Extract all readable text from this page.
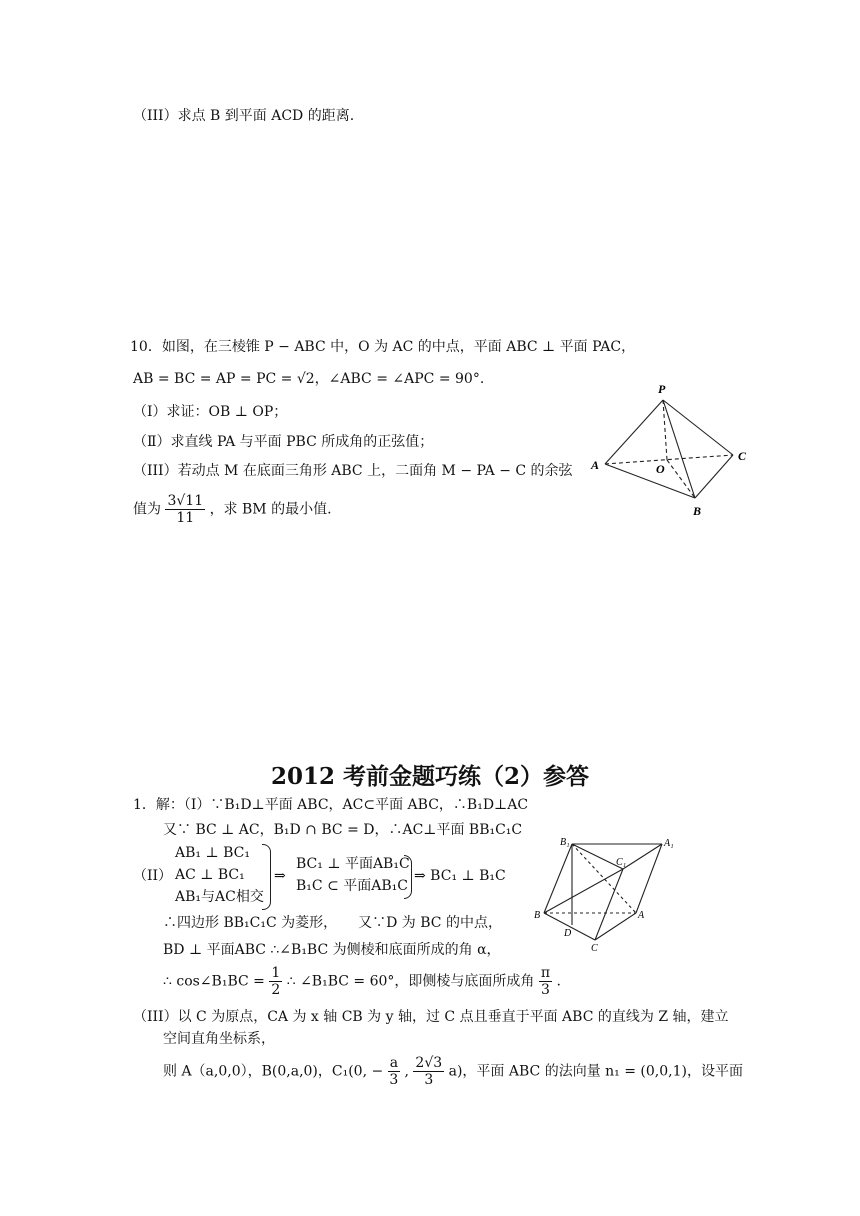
（III）求点 B 到平面 ACD 的距离.
10．如图，在三棱锥 P − ABC 中，O 为 AC 的中点，平面 ABC ⊥ 平面 PAC，
AB = BC = AP = PC = √2，∠ABC = ∠APC = 90°.
（Ⅰ）求证：OB ⊥ OP；
（Ⅱ）求直线 PA 与平面 PBC 所成角的正弦值；
（III）若动点 M 在底面三角形 ABC 上，二面角 M − PA − C 的余弦
值为 $\frac{3√11}{11}$ ，求 BM 的最小值.
P
A	O
C
B
2012 考前金题巧练（2）参答
1．解：（I）∵B₁D⊥平面 ABC，AC⊂平面 ABC，∴B₁D⊥AC
又∵ BC ⊥ AC，B₁D ∩ BC = D，∴AC⊥平面 BB₁C₁C
（II）
AB₁ ⊥ BC₁
AC ⊥ BC₁
AB₁与AC相交
⇒
BC₁ ⊥ 平面AB₁C
B₁C ⊂ 平面AB₁C
⇒ BC₁ ⊥ B₁C
∴四边形 BB₁C₁C 为菱形，　　又∵D 为 BC 的中点，
BD ⊥ 平面ABC ∴∠B₁BC 为侧棱和底面所成的角 α，
∴ cos∠B₁BC = $\frac{1}{2}$ ∴ ∠B₁BC = 60°，即侧棱与底面所成角 $\frac{\pi}{3}$ .
（III）以 C 为原点，CA 为 x 轴 CB 为 y 轴，过 C 点且垂直于平面 ABC 的直线为 Z 轴，建立
空间直角坐标系，
则 A（a,0,0），B(0,a,0)，C₁(0, − $\frac{a}{3}$ , $\frac{2√3}{3} a$)，平面 ABC 的法向量 n₁ = (0,0,1)，设平面
B₁	A₁
C₁
B	A
D
C
